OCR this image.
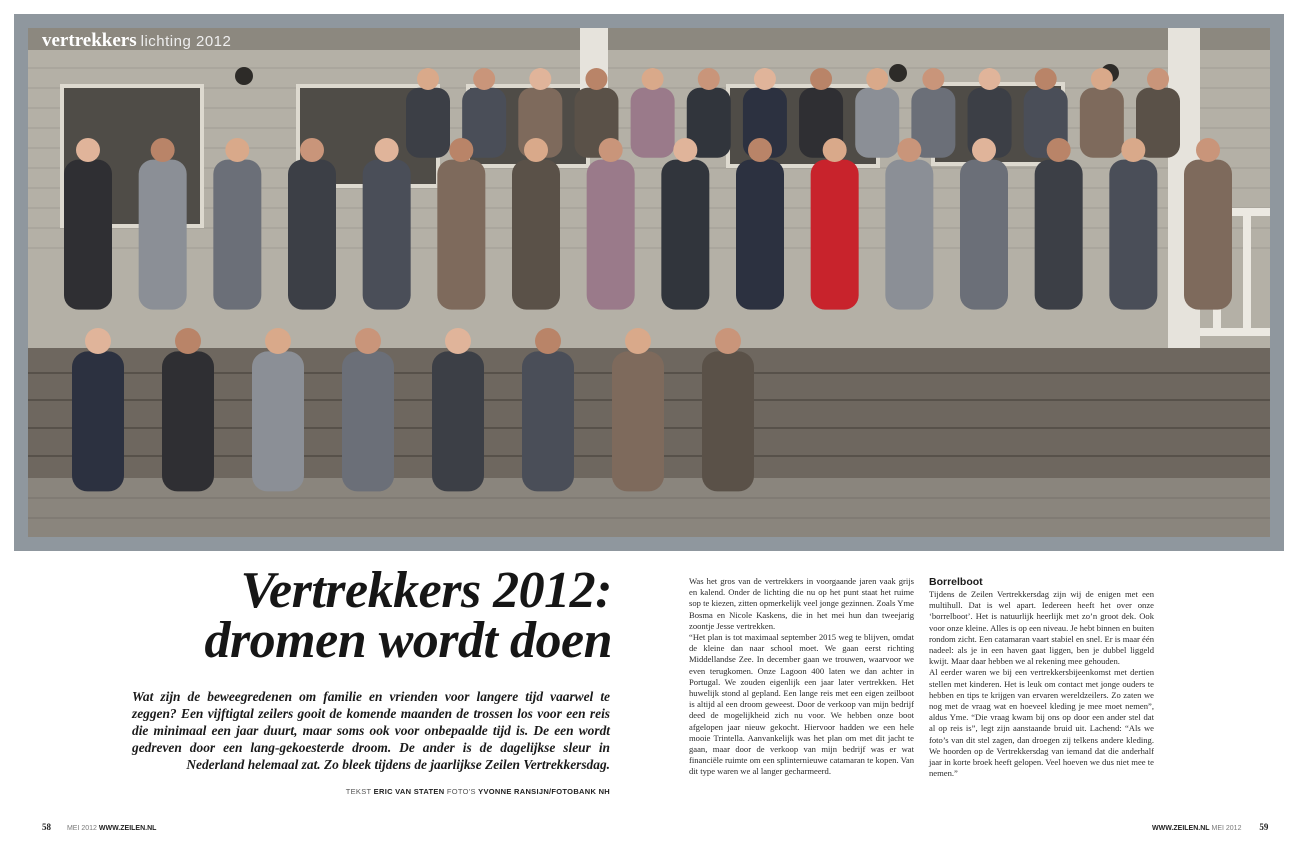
vertrekkers lichting 2012
Vertrekkers 2012:
dromen wordt doen

Wat zijn de beweegredenen om familie en vrienden voor langere tijd vaarwel te zeggen? Een vijftigtal zeilers gooit de komende maanden de trossen los voor een reis die minimaal een jaar duurt, maar soms ook voor onbepaalde tijd is. De een wordt gedreven door een lang-gekoesterde droom. De ander is de dagelijkse sleur in Nederland helemaal zat. Zo bleek tijdens de jaarlijkse Zeilen Vertrekkersdag.

TEKST ERIC VAN STATEN FOTO'S YVONNE RANSIJN/FOTOBANK NH

Was het gros van de vertrekkers in voorgaande jaren vaak grijs en kalend. Onder de lichting die nu op het punt staat het ruime sop te kiezen, zitten opmerkelijk veel jonge gezinnen. Zoals Yme Bosma en Nicole Kaskens, die in het mei hun dan tweejarig zoontje Jesse vertrekken.

“Het plan is tot maximaal september 2015 weg te blijven, omdat de kleine dan naar school moet. We gaan eerst richting Middellandse Zee. In december gaan we trouwen, waarvoor we even terugkomen. Onze Lagoon 400 laten we dan achter in Portugal. We zouden eigenlijk een jaar later vertrekken. Het huwelijk stond al gepland. Een lange reis met een eigen zeilboot is altijd al een droom geweest. Door de verkoop van mijn bedrijf deed de mogelijkheid zich nu voor. We hebben onze boot afgelopen jaar nieuw gekocht. Hiervoor hadden we een hele mooie Trintella. Aanvankelijk was het plan om met dit jacht te gaan, maar door de verkoop van mijn bedrijf was er wat financiële ruimte om een splinternieuwe catamaran te kopen. Van dit type waren we al langer gecharmeerd.

Borrelboot

Tijdens de Zeilen Vertrekkersdag zijn wij de enigen met een multihull. Dat is wel apart. Iedereen heeft het over onze ‘borrelboot’. Het is natuurlijk heerlijk met zo’n groot dek. Ook voor onze kleine. Alles is op een niveau. Je hebt binnen en buiten rondom zicht. Een catamaran vaart stabiel en snel. Er is maar één nadeel: als je in een haven gaat liggen, ben je dubbel liggeld kwijt. Maar daar hebben we al rekening mee gehouden.

Al eerder waren we bij een vertrekkersbijeenkomst met dertien stellen met kinderen. Het is leuk om contact met jonge ouders te hebben en tips te krijgen van ervaren wereldzeilers. Zo zaten we nog met de vraag wat en hoeveel kleding je mee moet nemen”, aldus Yme. “Die vraag kwam bij ons op door een ander stel dat al op reis is”, legt zijn aanstaande bruid uit. Lachend: “Als we foto’s van dit stel zagen, dan droegen zij telkens andere kleding. We hoorden op de Vertrekkersdag van iemand dat die anderhalf jaar in korte broek heeft gelopen. Veel hoeven we dus niet mee te nemen.”

58 MEI 2012 WWW.ZEILEN.NL	WWW.ZEILEN.NL MEI 2012 59
